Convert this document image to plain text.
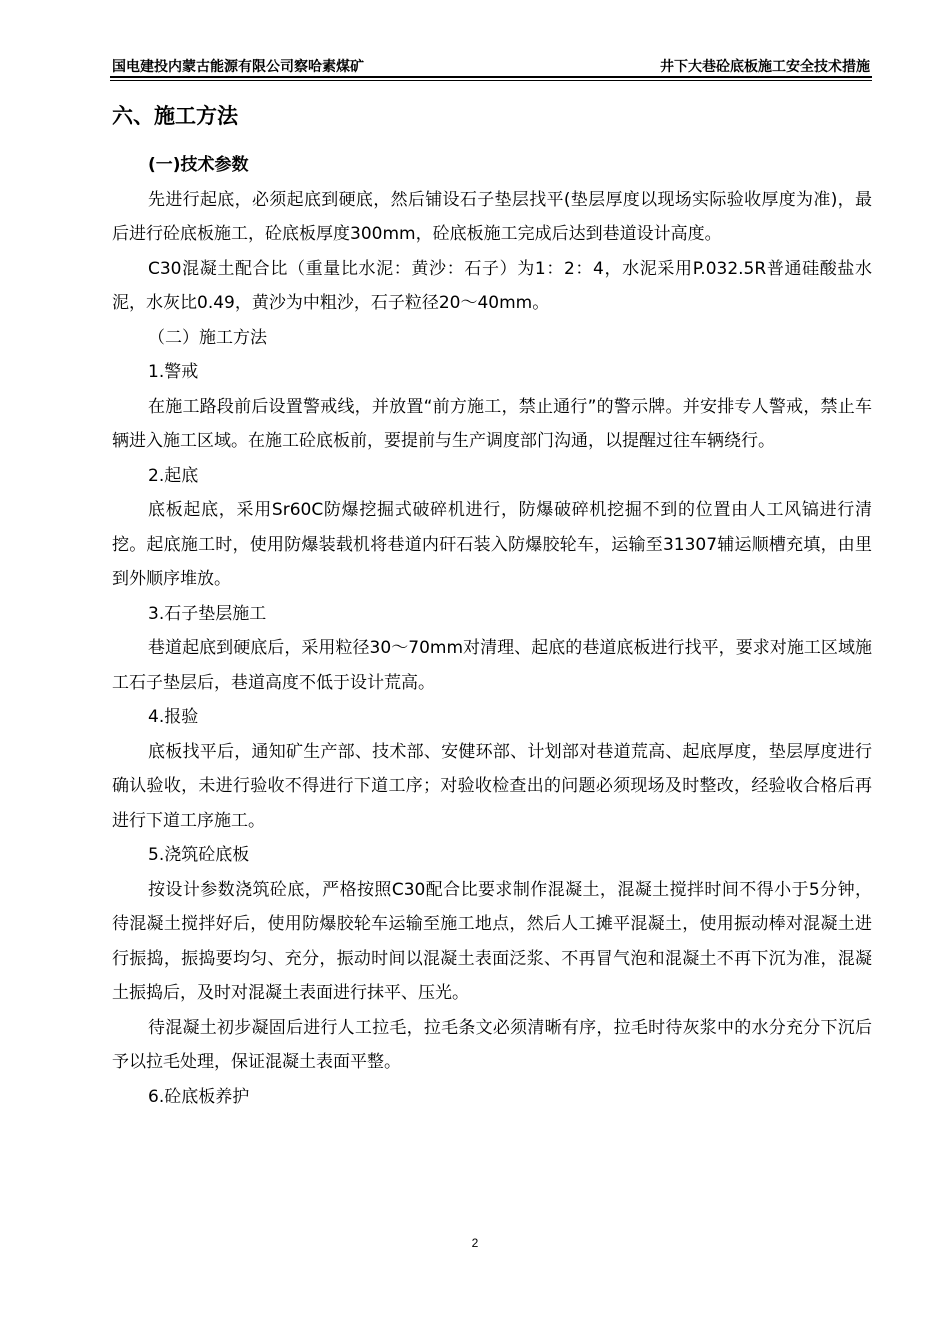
国电建投内蒙古能源有限公司察哈素煤矿	井下大巷砼底板施工安全技术措施
六、施工方法
(一)技术参数

先进行起底，必须起底到硬底，然后铺设石子垫层找平(垫层厚度以现场实际验收厚度为准)，最后进行砼底板施工，砼底板厚度300mm，砼底板施工完成后达到巷道设计高度。

C30混凝土配合比（重量比水泥：黄沙：石子）为1：2：4，水泥采用P.032.5R普通硅酸盐水泥，水灰比0.49，黄沙为中粗沙，石子粒径20～40mm。

（二）施工方法
1.警戒

在施工路段前后设置警戒线，并放置“前方施工，禁止通行”的警示牌。并安排专人警戒，禁止车辆进入施工区域。在施工砼底板前，要提前与生产调度部门沟通，以提醒过往车辆绕行。

2.起底

底板起底，采用Sr60C防爆挖掘式破碎机进行，防爆破碎机挖掘不到的位置由人工风镐进行清挖。起底施工时，使用防爆装载机将巷道内矸石装入防爆胶轮车，运输至31307辅运顺槽充填，由里到外顺序堆放。

3.石子垫层施工

巷道起底到硬底后，采用粒径30～70mm对清理、起底的巷道底板进行找平，要求对施工区域施工石子垫层后，巷道高度不低于设计荒高。

4.报验

底板找平后，通知矿生产部、技术部、安健环部、计划部对巷道荒高、起底厚度，垫层厚度进行确认验收，未进行验收不得进行下道工序；对验收检查出的问题必须现场及时整改，经验收合格后再进行下道工序施工。

5.浇筑砼底板

按设计参数浇筑砼底，严格按照C30配合比要求制作混凝土，混凝土搅拌时间不得小于5分钟，待混凝土搅拌好后，使用防爆胶轮车运输至施工地点，然后人工摊平混凝土，使用振动棒对混凝土进行振捣，振捣要均匀、充分，振动时间以混凝土表面泛浆、不再冒气泡和混凝土不再下沉为准，混凝土振捣后，及时对混凝土表面进行抹平、压光。

待混凝土初步凝固后进行人工拉毛，拉毛条文必须清晰有序，拉毛时待灰浆中的水分充分下沉后予以拉毛处理，保证混凝土表面平整。

6.砼底板养护
2
